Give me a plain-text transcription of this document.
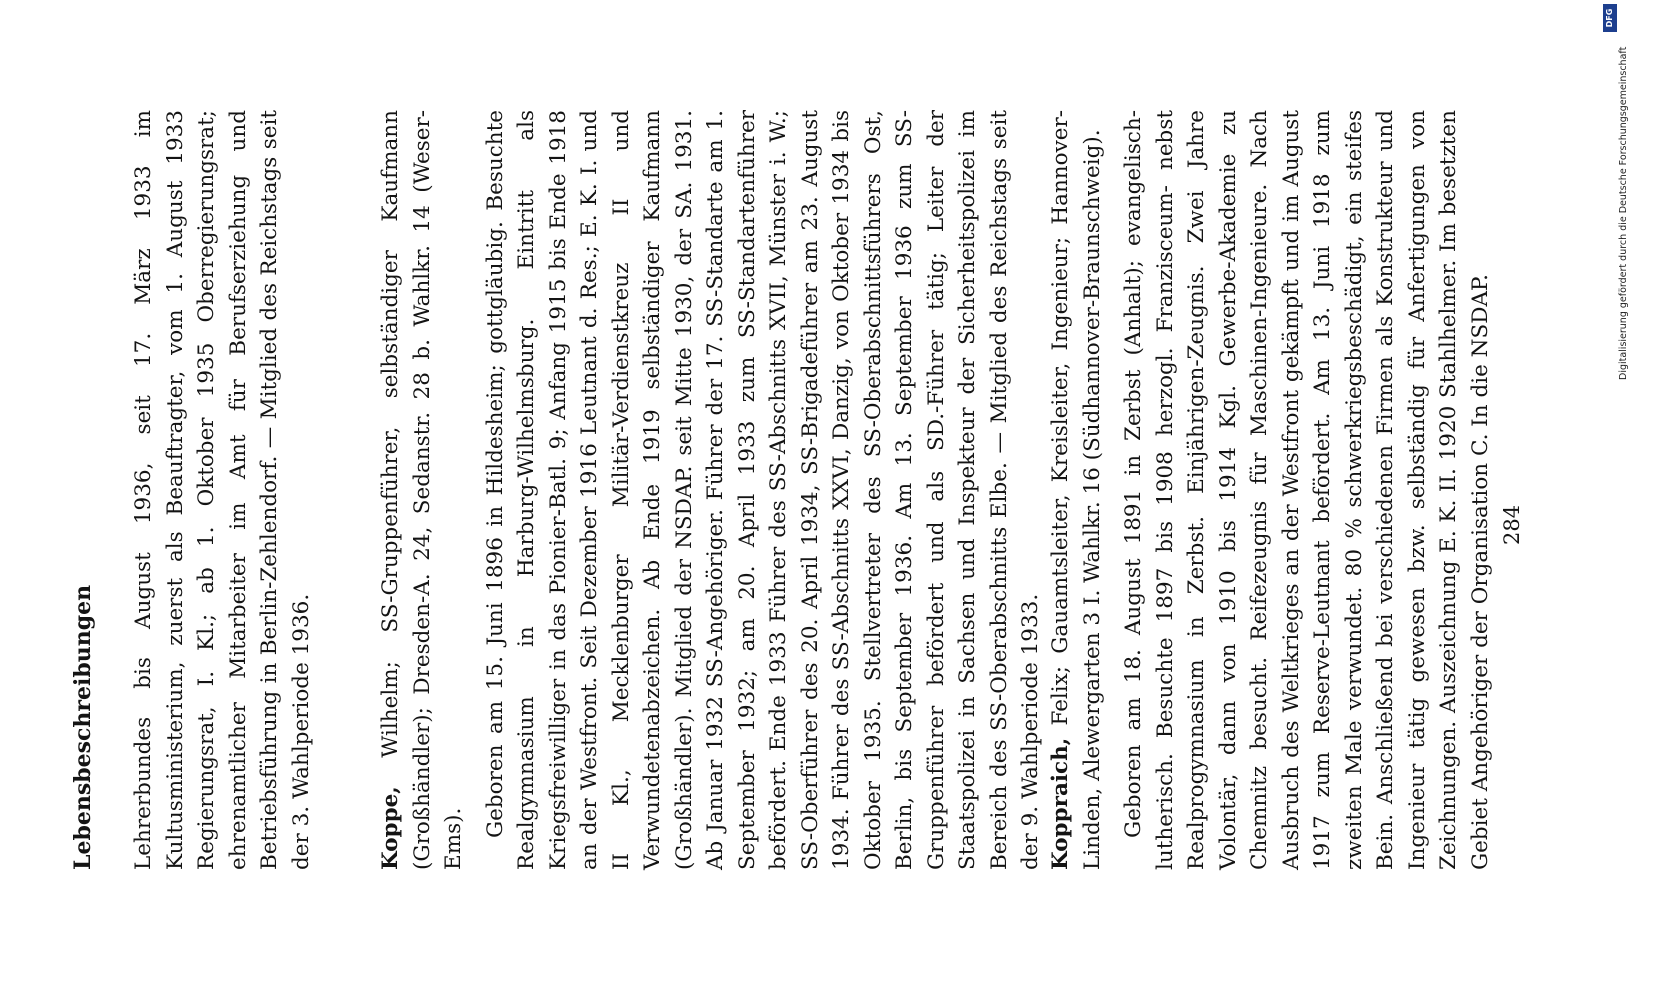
Lebensbeschreibungen Lehrerbundes bis August 1936, seit 17. März 1933 im Kultusministerium, zuerst als Beauftragter, vom 1. August 1933 Regierungsrat, I. Kl.; ab 1. Oktober 1935 Oberregierungsrat; ehrenamtlicher Mitarbeiter im Amt für Berufserziehung und Betriebsführung in Berlin-Zehlendorf. — Mitglied des Reichstags seit der 3. Wahlperiode 1936.	Koppe, Wilhelm; SS-Gruppenführer, selbständiger Kaufmann (Großhändler); Dresden-A. 24, Sedanstr. 28 b. Wahlkr. 14 (Weser-Ems).

Geboren am 15. Juni 1896 in Hildesheim; gottgläubig. Besuchte Realgymnasium in Harburg-Wilhelmsburg. Eintritt als Kriegsfreiwilliger in das Pionier-Batl. 9; Anfang 1915 bis Ende 1918 an der Westfront. Seit Dezember 1916 Leutnant d. Res.; E. K. I. und II Kl., Mecklenburger Militär-Verdienstkreuz II und Verwundetenabzeichen. Ab Ende 1919 selbständiger Kaufmann (Großhändler). Mitglied der NSDAP. seit Mitte 1930, der SA. 1931. Ab Januar 1932 SS-Angehöriger. Führer der 17. SS-Standarte am 1. September 1932; am 20. April 1933 zum SS-Standartenführer befördert. Ende 1933 Führer des SS-Abschnitts XVII, Münster i. W.; SS-Oberführer des 20. April 1934, SS-Brigadeführer am 23. August 1934. Führer des SS-Abschnitts XXVI, Danzig, von Oktober 1934 bis Oktober 1935. Stellvertreter des SS-Oberabschnittsführers Ost, Berlin, bis September 1936. Am 13. September 1936 zum SS-Gruppenführer befördert und als SD.-Führer tätig; Leiter der Staatspolizei in Sachsen und Inspekteur der Sicherheitspolizei im Bereich des SS-Oberabschnitts Elbe. — Mitglied des Reichstags seit der 9. Wahlperiode 1933. Koppraich, Felix; Gauamtsleiter, Kreisleiter, Ingenieur; Hannover-Linden, Alewergarten 3 I. Wahlkr. 16 (Südhannover-Braunschweig). Geboren am 18. August 1891 in Zerbst (Anhalt); evangelisch-lutherisch. Besuchte 1897 bis 1908 herzogl. Franziscеum- nebst Realprogymnasium in Zerbst. Einjährigen-Zeugnis. Zwei Jahre Volontär, dann von 1910 bis 1914 Kgl. Gewerbe-Akademie zu Chemnitz besucht. Reifezeugnis für Maschinen-Ingenieure. Nach Ausbruch des Weltkrieges an der Westfront gekämpft und im August 1917 zum Reserve-Leutnant befördert. Am 13. Juni 1918 zum zweiten Male verwundet. 80 % schwerkriegsbeschädigt, ein steifes Bein. Anschließend bei verschiedenen Firmen als Konstrukteur und Ingenieur tätig gewesen bzw. selbständig für Anfertigungen von Zeichnungen. Auszeichnung E. K. II. 1920 Stahlhelmer. Im besetzten Gebiet Angehöriger der Organisation C. In die NSDAP. 284
DFG
Digitalisierung gefördert durch die Deutsche Forschungsgemeinschaft
